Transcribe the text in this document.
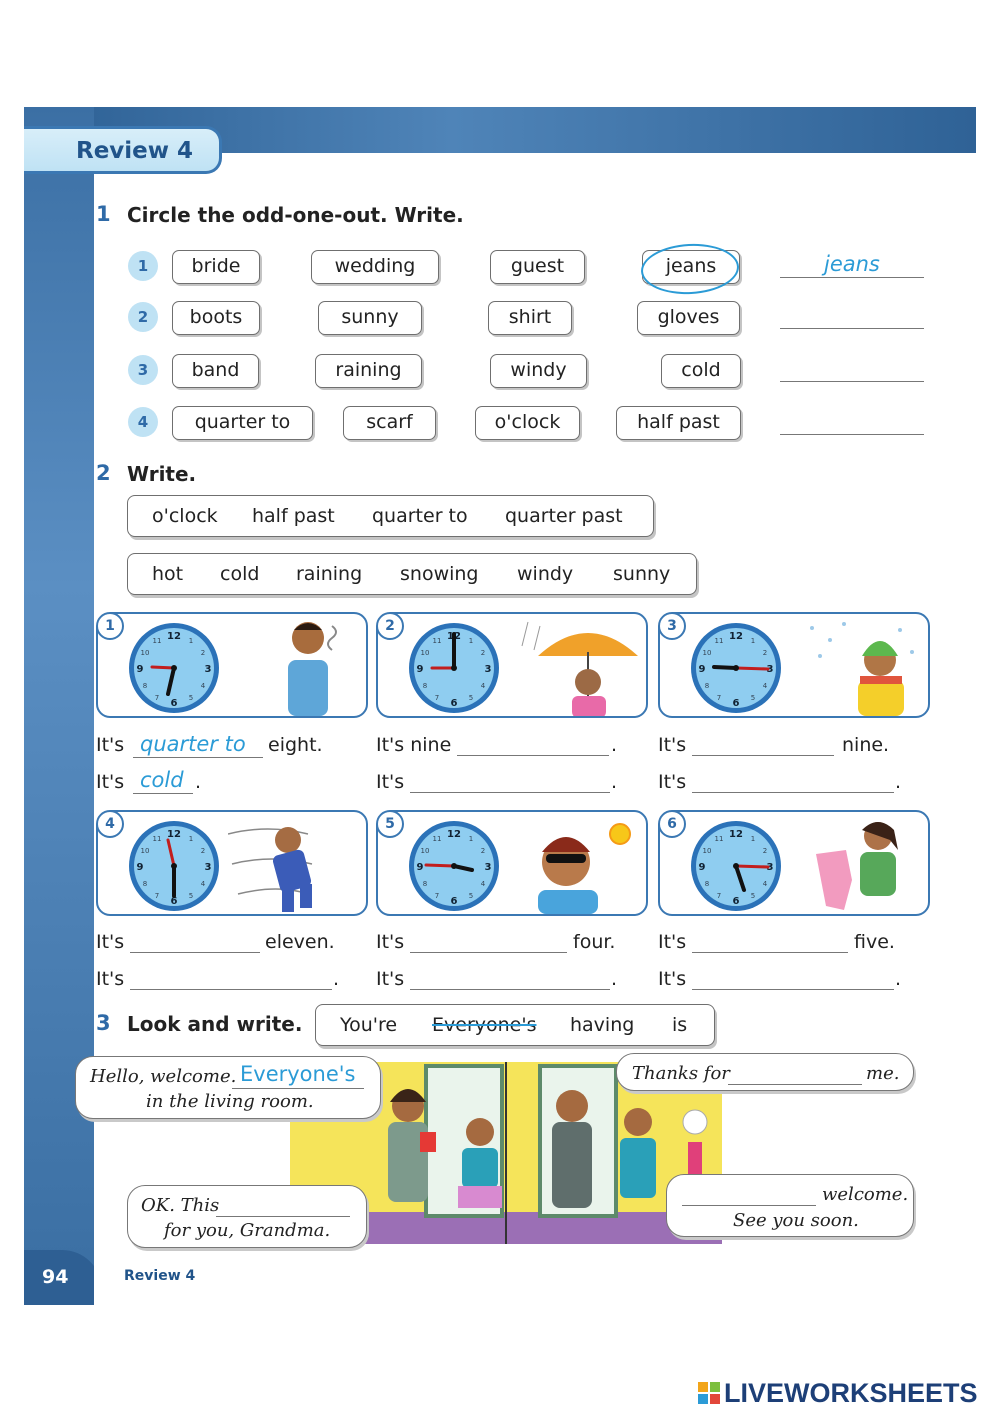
Review 4
1 Circle the odd-one-out. Write.
1	bride	wedding	guest	jeans	jeans
2	boots	sunny	shirt	gloves
3	band	raining	windy	cold
4	quarter to	scarf	o'clock	half past
2 Write.
o'clock half past quarter to quarter past
hot cold raining snowing windy sunny
1	2	3
It's quarter to eight.
It's cold .
It's nine	.
It's	.
It's	nine.
It's	.
4	5	6
It's	eleven.
It's	.
It's	four.
It's	.
It's	five.
It's	.
3 Look and write. You're Everyone's having is
Hello, welcome. Everyone's
in the living room.
Thanks for	me.
OK. This
for you, Grandma.
welcome.
See you soon.
94	Review 4
LIVEWORKSHEETS
